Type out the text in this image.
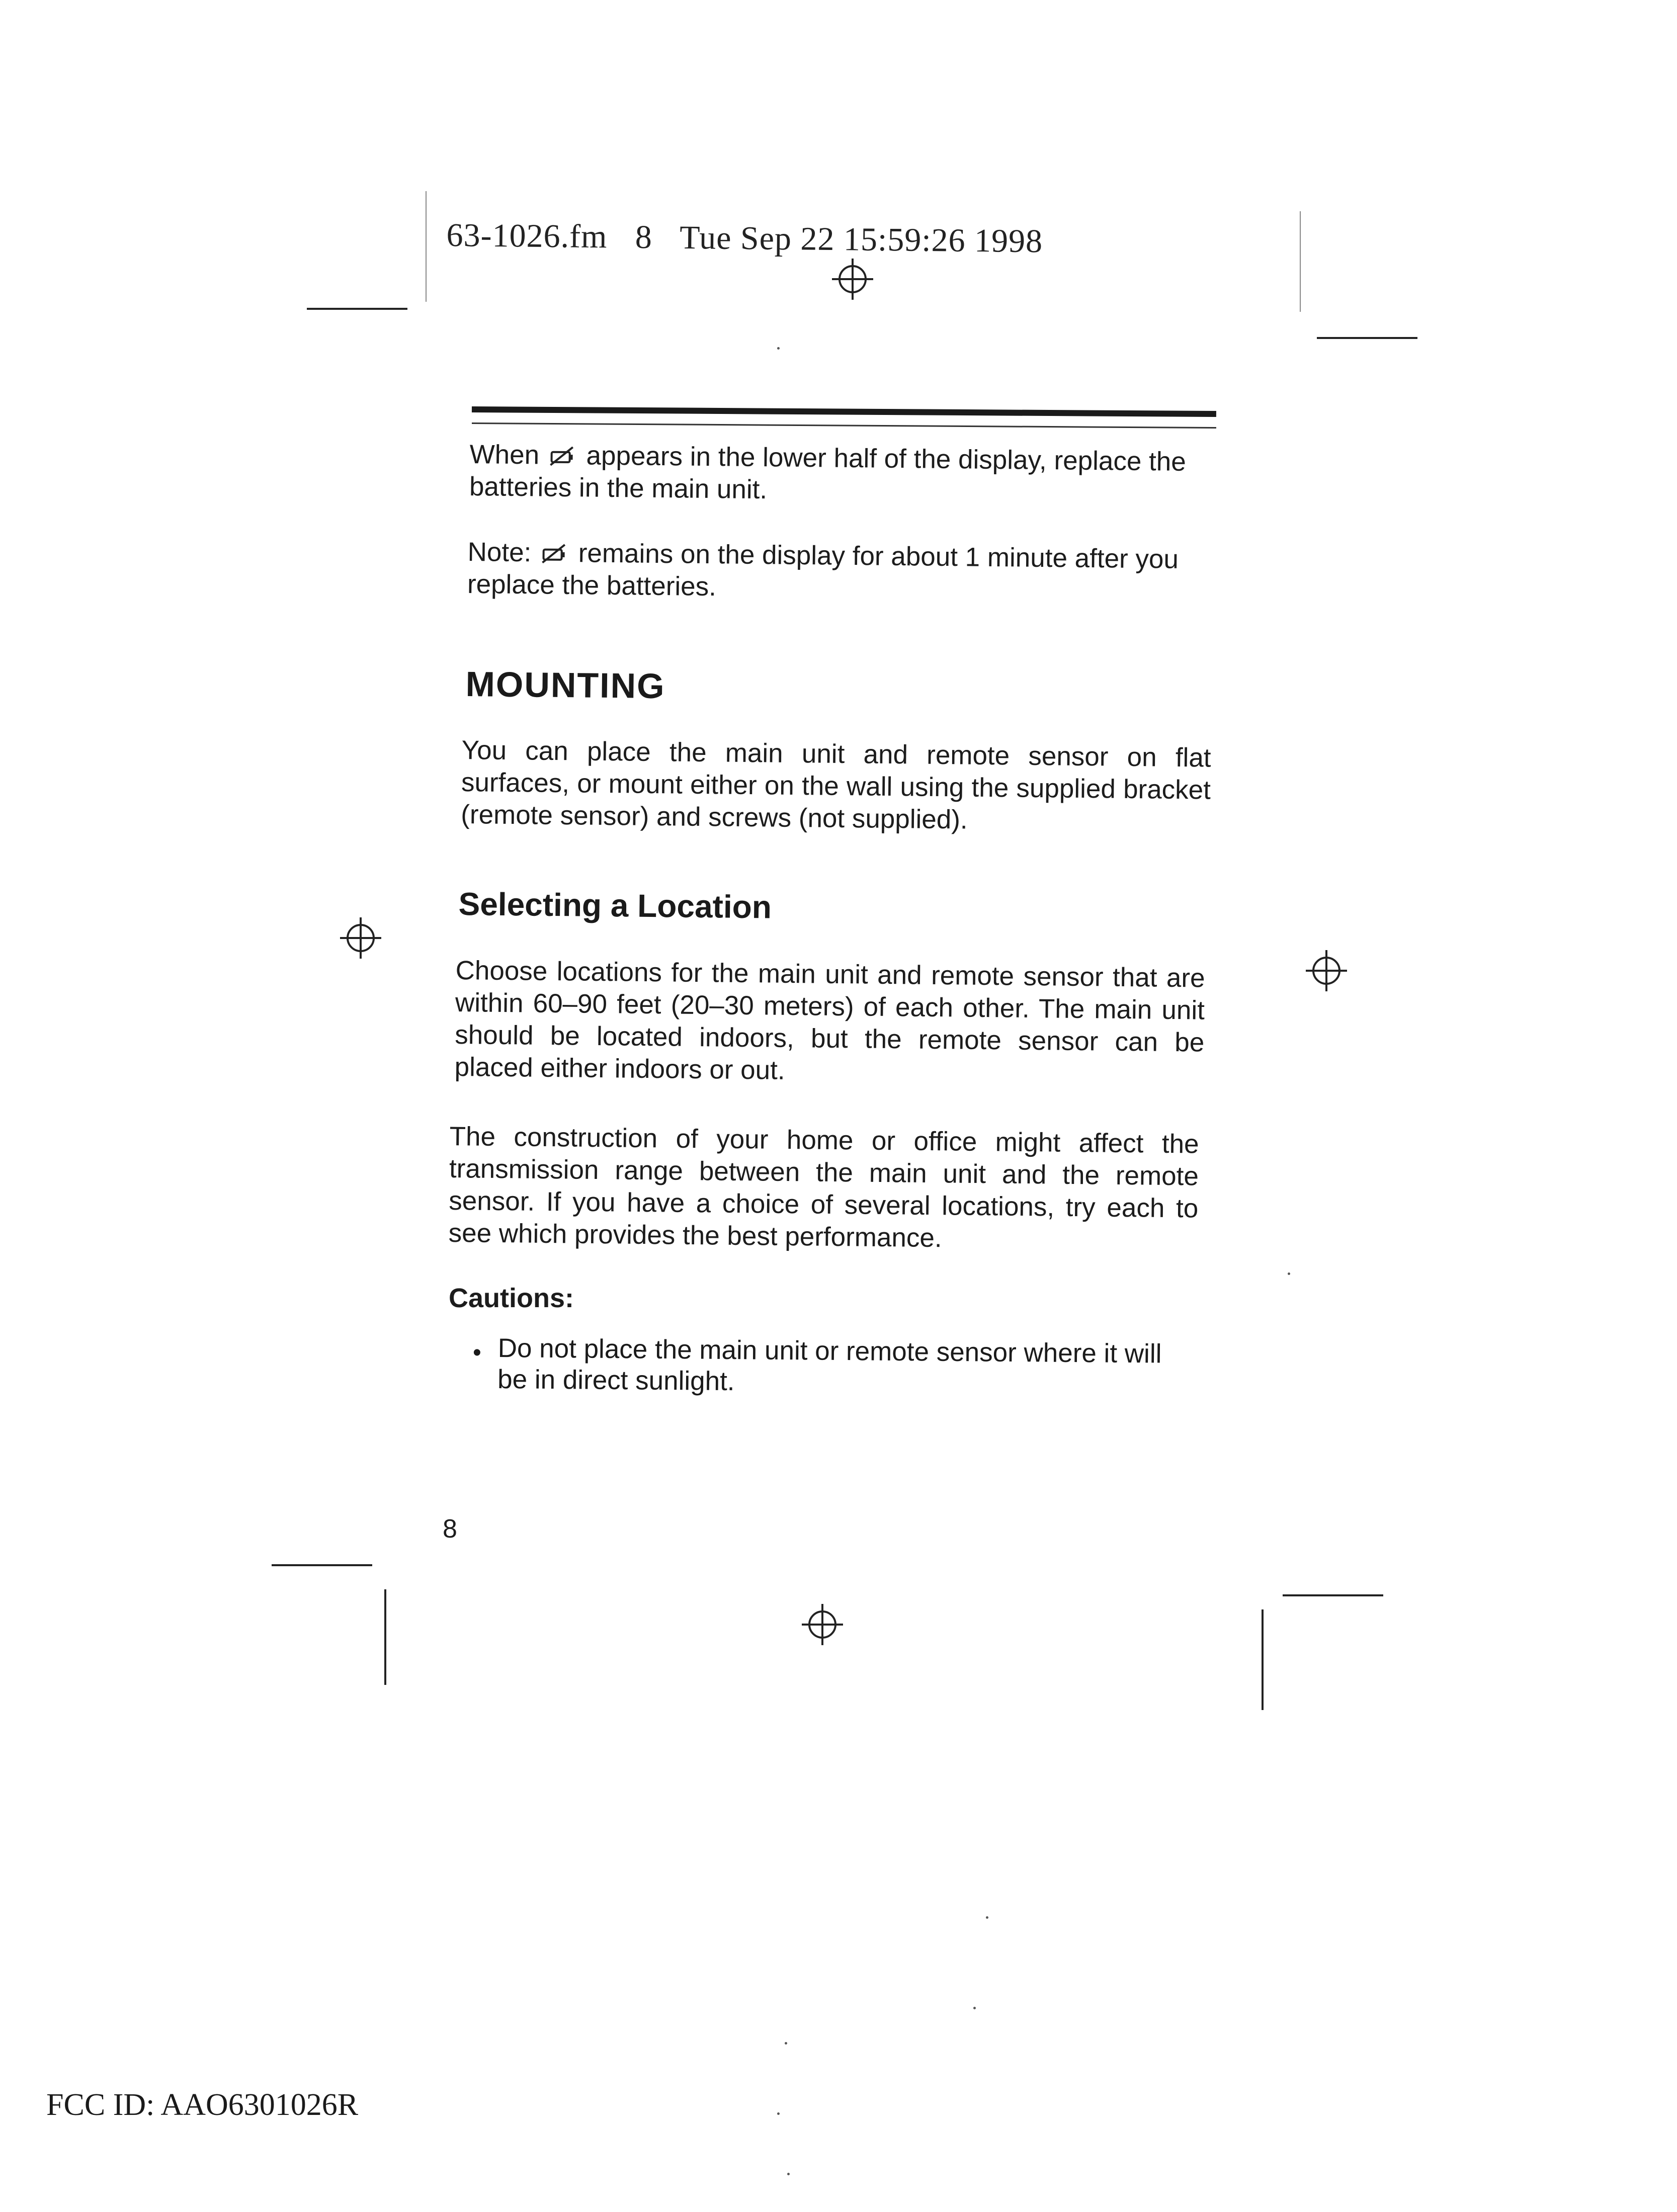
63-1026.fm 8 Tue Sep 22 15:59:26 1998
When appears in the lower half of the display, replace the batteries in the main unit.
Note: remains on the display for about 1 minute after you replace the batteries.
MOUNTING
You can place the main unit and remote sensor on flat surfaces, or mount either on the wall using the supplied bracket (remote sensor) and screws (not supplied).
Selecting a Location
Choose locations for the main unit and remote sensor that are within 60–90 feet (20–30 meters) of each other. The main unit should be located indoors, but the remote sensor can be placed either indoors or out.
The construction of your home or office might affect the transmission range between the main unit and the remote sensor. If you have a choice of several locations, try each to see which provides the best performance.
Cautions:
• Do not place the main unit or remote sensor where it will be in direct sunlight.
8
FCC ID: AAO6301026R
